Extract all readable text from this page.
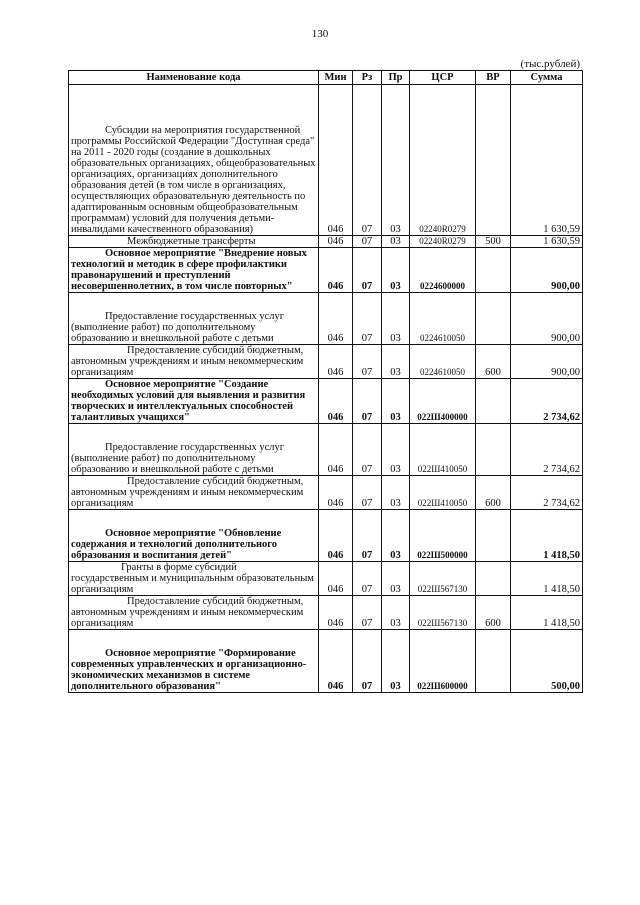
130
(тыс.рублей)
Наименование кода	Мин	Рз	Пр	ЦСР	ВР	Сумма

Субсидии на мероприятия государственной программы Российской Федерации "Доступная среда" на 2011 - 2020 годы (создание в дошкольных образовательных организациях, общеобразовательных организациях, организациях дополнительного образования детей (в том числе в организациях, осуществляющих образовательную деятельность по адаптированным основным общеобразовательным программам) условий для получения детьми-инвалидами качественного образования)	046	07	03	02240R0279		1 630,59

Межбюджетные трансферты	046	07	03	02240R0279	500	1 630,59

Основное мероприятие "Внедрение новых технологий и методик в сфере профилактики правонарушений и преступлений несовершеннолетних, в том числе повторных"	046	07	03	0224600000		900,00

Предоставление государственных услуг (выполнение работ) по дополнительному образованию и внешкольной работе с детьми	046	07	03	0224610050		900,00

Предоставление субсидий бюджетным, автономным учреждениям и иным некоммерческим организациям	046	07	03	0224610050	600	900,00

Основное мероприятие "Создание необходимых условий для выявления и развития творческих и интеллектуальных способностей талантливых учащихся"	046	07	03	022Ш400000		2 734,62

Предоставление государственных услуг (выполнение работ) по дополнительному образованию и внешкольной работе с детьми	046	07	03	022Ш410050		2 734,62

Предоставление субсидий бюджетным, автономным учреждениям и иным некоммерческим организациям	046	07	03	022Ш410050	600	2 734,62

Основное мероприятие "Обновление содержания и технологий дополнительного образования и воспитания детей"	046	07	03	022Ш500000		1 418,50

Гранты в форме субсидий государственным и муниципальным образовательным организациям	046	07	03	022Ш567130		1 418,50

Предоставление субсидий бюджетным, автономным учреждениям и иным некоммерческим организациям	046	07	03	022Ш567130	600	1 418,50

Основное мероприятие "Формирование современных управленческих и организационно-экономических механизмов в системе дополнительного образования"	046	07	03	022Ш600000		500,00
